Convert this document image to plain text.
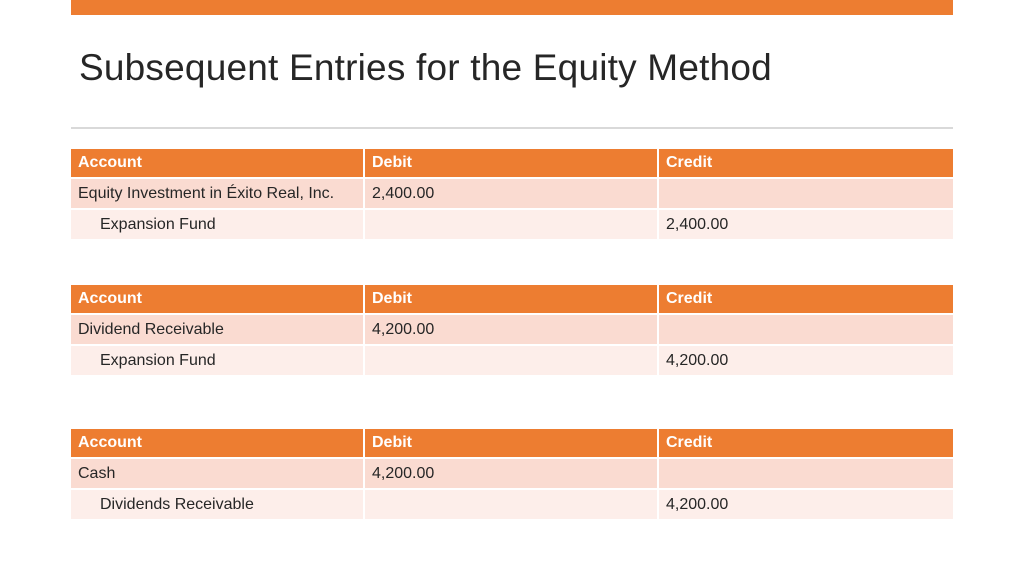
Subsequent Entries for the Equity Method
Account	Debit	Credit
Equity Investment in Éxito Real, Inc.	2,400.00	
Expansion Fund		2,400.00
Account	Debit	Credit
Dividend Receivable	4,200.00	
Expansion Fund		4,200.00
Account	Debit	Credit
Cash	4,200.00	
Dividends Receivable		4,200.00
